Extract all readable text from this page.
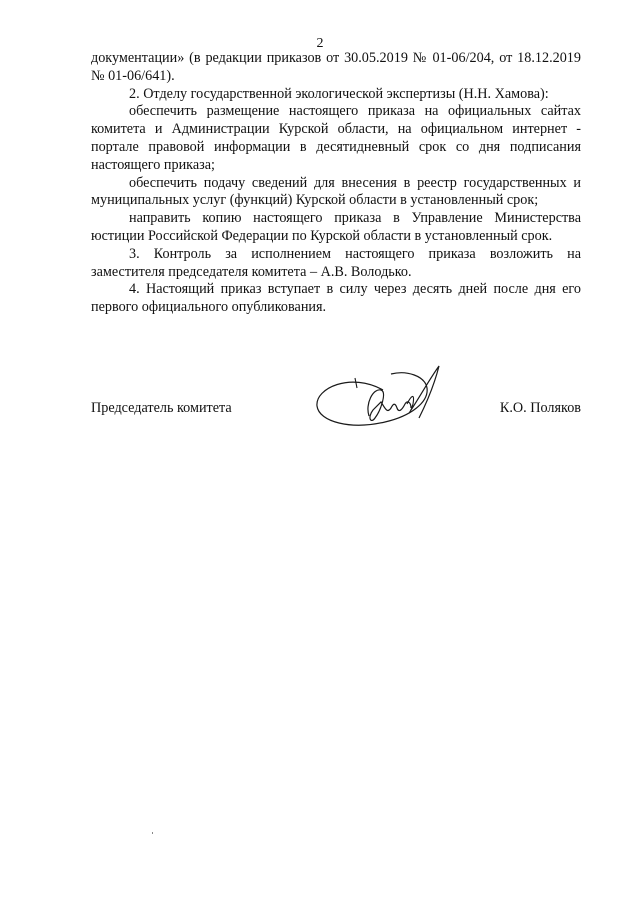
2

документации» (в редакции приказов от 30.05.2019 № 01-06/204, от 18.12.2019 № 01-06/641).

2. Отделу государственной экологической экспертизы (Н.Н. Хамова):

обеспечить размещение настоящего приказа на официальных сайтах комитета и Администрации Курской области, на официальном интернет - портале правовой информации в десятидневный срок со дня подписания настоящего приказа;

обеспечить подачу сведений для внесения в реестр государственных и муниципальных услуг (функций) Курской области в установленный срок;

направить копию настоящего приказа в Управление Министерства юстиции Российской Федерации по Курской области в установленный срок.

3. Контроль за исполнением настоящего приказа возложить на заместителя председателя комитета – А.В. Володько.

4. Настоящий приказ вступает в силу через десять дней после дня его первого официального опубликования.

Председатель комитета	К.О. Поляков
